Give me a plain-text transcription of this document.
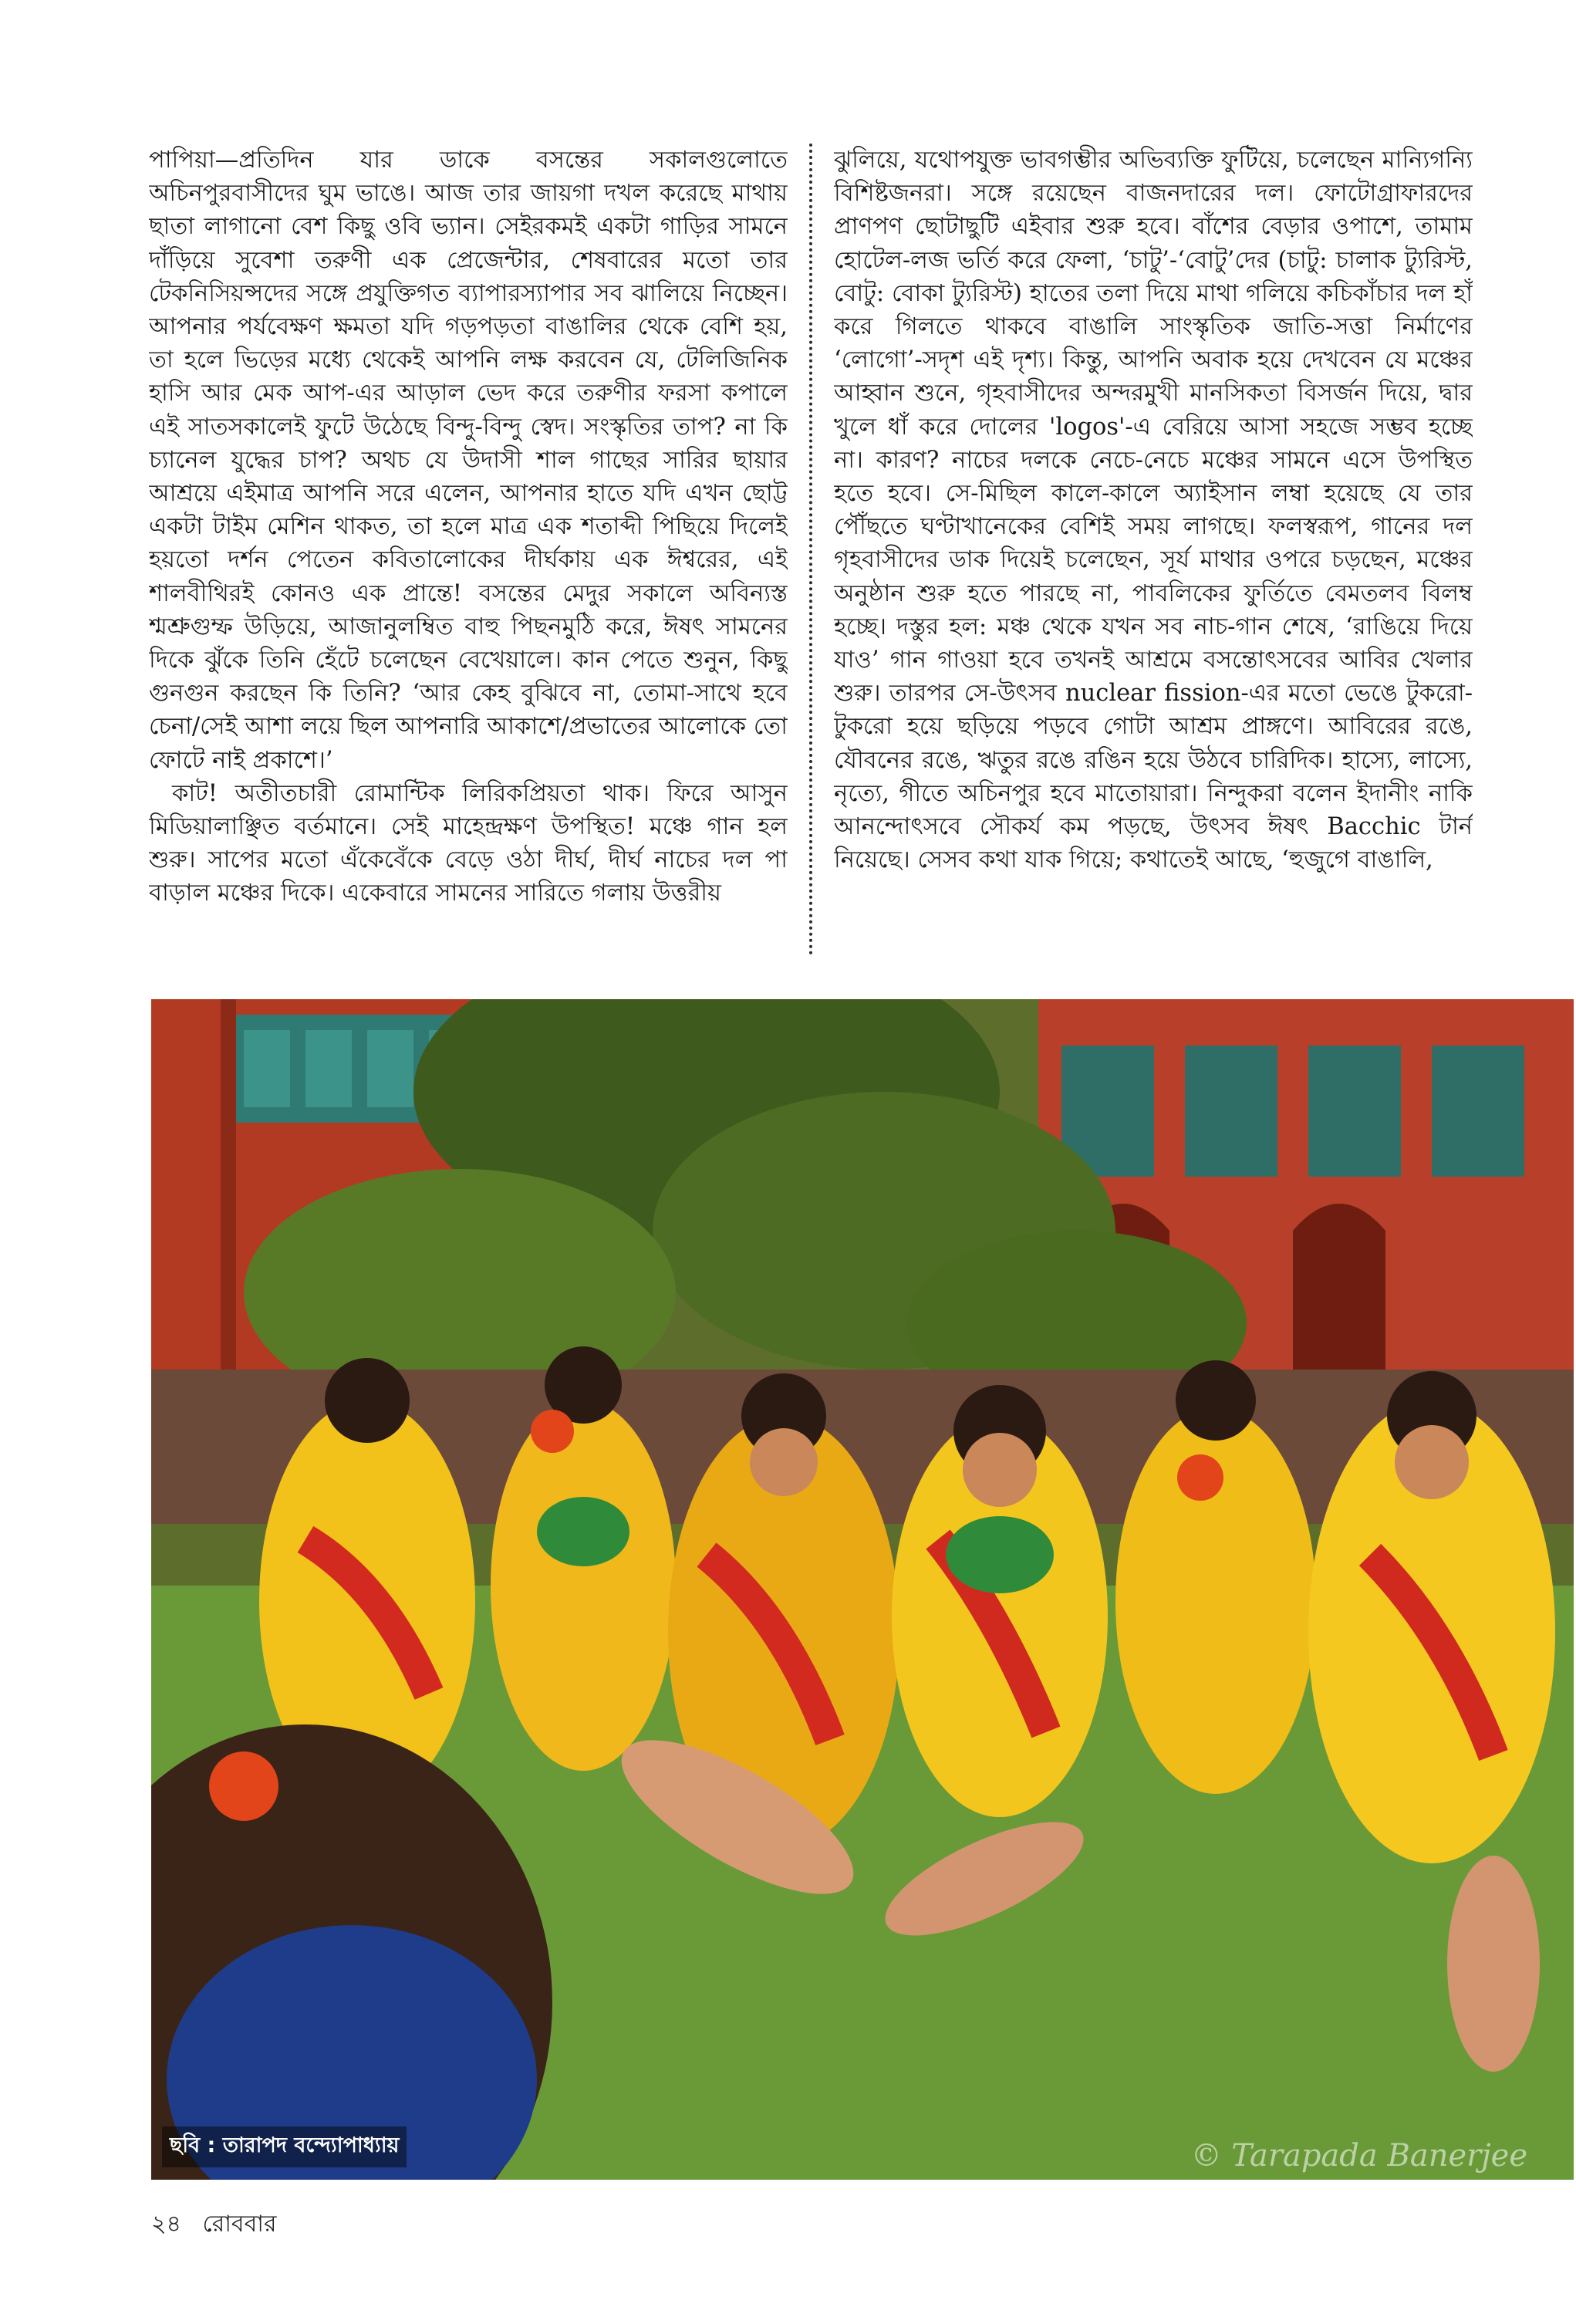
পাপিয়া—প্রতিদিন যার ডাকে বসন্তের সকালগুলোতে অচিনপুরবাসীদের ঘুম ভাঙে। আজ তার জায়গা দখল করেছে মাথায় ছাতা লাগানো বেশ কিছু ওবি ভ্যান। সেইরকমই একটা গাড়ির সামনে দাঁড়িয়ে সুবেশা তরুণী এক প্রেজেন্টার, শেষবারের মতো তার টেকনিসিয়ন্সদের সঙ্গে প্রযুক্তিগত ব্যাপারস্যাপার সব ঝালিয়ে নিচ্ছেন। আপনার পর্যবেক্ষণ ক্ষমতা যদি গড়পড়তা বাঙালির থেকে বেশি হয়, তা হলে ভিড়ের মধ্যে থেকেই আপনি লক্ষ করবেন যে, টেলিজিনিক হাসি আর মেক আপ-এর আড়াল ভেদ করে তরুণীর ফরসা কপালে এই সাতসকালেই ফুটে উঠেছে বিন্দু-বিন্দু স্বেদ। সংস্কৃতির তাপ? না কি চ্যানেল যুদ্ধের চাপ? অথচ যে উদাসী শাল গাছের সারির ছায়ার আশ্রয়ে এইমাত্র আপনি সরে এলেন, আপনার হাতে যদি এখন ছোট্ট একটা টাইম মেশিন থাকত, তা হলে মাত্র এক শতাব্দী পিছিয়ে দিলেই হয়তো দর্শন পেতেন কবিতালোকের দীর্ঘকায় এক ঈশ্বরের, এই শালবীথিরই কোনও এক প্রান্তে! বসন্তের মেদুর সকালে অবিন্যস্ত শ্মশ্রুগুম্ফ উড়িয়ে, আজানুলম্বিত বাহু পিছনমুঠি করে, ঈষৎ সামনের দিকে ঝুঁকে তিনি হেঁটে চলেছেন বেখেয়ালে। কান পেতে শুনুন, কিছু গুনগুন করছেন কি তিনি? ‘আর কেহ বুঝিবে না, তোমা-সাথে হবে চেনা/সেই আশা লয়ে ছিল আপনারি আকাশে/প্রভাতের আলোকে তো ফোটে নাই প্রকাশে।’

কাট! অতীতচারী রোমান্টিক লিরিকপ্রিয়তা থাক। ফিরে আসুন মিডিয়ালাঞ্ছিত বর্তমানে। সেই মাহেন্দ্রক্ষণ উপস্থিত! মঞ্চে গান হল শুরু। সাপের মতো এঁকেবেঁকে বেড়ে ওঠা দীর্ঘ, দীর্ঘ নাচের দল পা বাড়াল মঞ্চের দিকে। একেবারে সামনের সারিতে গলায় উত্তরীয়

ঝুলিয়ে, যথোপযুক্ত ভাবগম্ভীর অভিব্যক্তি ফুটিয়ে, চলেছেন মান্যিগন্যি বিশিষ্টজনরা। সঙ্গে রয়েছেন বাজনদারের দল। ফোটোগ্রাফারদের প্রাণপণ ছোটাছুটি এইবার শুরু হবে। বাঁশের বেড়ার ওপাশে, তামাম হোটেল-লজ ভর্তি করে ফেলা, ‘চাটু’-‘বোটু’দের (চাটু: চালাক ট্যুরিস্ট, বোটু: বোকা ট্যুরিস্ট) হাতের তলা দিয়ে মাথা গলিয়ে কচিকাঁচার দল হাঁ করে গিলতে থাকবে বাঙালি সাংস্কৃতিক জাতি-সত্তা নির্মাণের ‘লোগো’-সদৃশ এই দৃশ্য। কিন্তু, আপনি অবাক হয়ে দেখবেন যে মঞ্চের আহ্বান শুনে, গৃহবাসীদের অন্দরমুখী মানসিকতা বিসর্জন দিয়ে, দ্বার খুলে ধাঁ করে দোলের 'logos'-এ বেরিয়ে আসা সহজে সম্ভব হচ্ছে না। কারণ? নাচের দলকে নেচে-নেচে মঞ্চের সামনে এসে উপস্থিত হতে হবে। সে-মিছিল কালে-কালে অ্যাইসান লম্বা হয়েছে যে তার পৌঁছতে ঘণ্টাখানেকের বেশিই সময় লাগছে। ফলস্বরূপ, গানের দল গৃহবাসীদের ডাক দিয়েই চলেছেন, সূর্য মাথার ওপরে চড়ছেন, মঞ্চের অনুষ্ঠান শুরু হতে পারছে না, পাবলিকের ফুর্তিতে বেমতলব বিলম্ব হচ্ছে। দস্তুর হল: মঞ্চ থেকে যখন সব নাচ-গান শেষে, ‘রাঙিয়ে দিয়ে যাও’ গান গাওয়া হবে তখনই আশ্রমে বসন্তোৎসবের আবির খেলার শুরু। তারপর সে-উৎসব nuclear fission-এর মতো ভেঙে টুকরো-টুকরো হয়ে ছড়িয়ে পড়বে গোটা আশ্রম প্রাঙ্গণে। আবিরের রঙে, যৌবনের রঙে, ঋতুর রঙে রঙিন হয়ে উঠবে চারিদিক। হাস্যে, লাস্যে, নৃত্যে, গীতে অচিনপুর হবে মাতোয়ারা। নিন্দুকরা বলেন ইদানীং নাকি আনন্দোৎসবে সৌকর্য কম পড়ছে, উৎসব ঈষৎ Bacchic টার্ন নিয়েছে। সেসব কথা যাক গিয়ে; কথাতেই আছে, ‘হুজুগে বাঙালি,

ছবি : তারাপদ বন্দ্যোপাধ্যায়	© Tarapada Banerjee
২৪ রোববার
